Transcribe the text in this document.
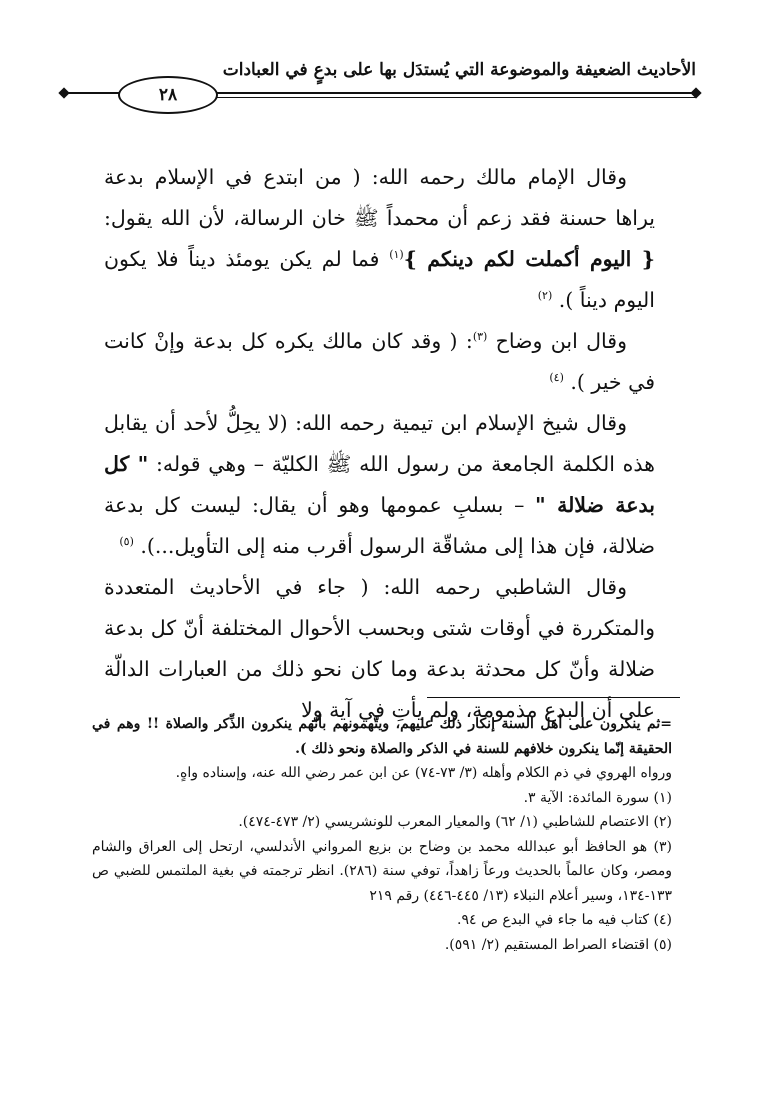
الأحاديث الضعيفة والموضوعة التي يُستدَل بها على بدعٍ في العبادات
٢٨

وقال الإمام مالك رحمه الله: ( من ابتدع في الإسلام بدعة يراها حسنة فقد زعم أن محمداً ﷺ خان الرسالة، لأن الله يقول: { اليوم أكملت لكم دينكم }$^{(١)}$ فما لم يكن يومئذ ديناً فلا يكون اليوم ديناً ). $^{(٢)}$

وقال ابن وضاح $^{(٣)}$: ( وقد كان مالك يكره كل بدعة وإنْ كانت في خير ). $^{(٤)}$

وقال شيخ الإسلام ابن تيمية رحمه الله: (لا يحِلُّ لأحد أن يقابل هذه الكلمة الجامعة من رسول الله ﷺ الكليّة – وهي قوله: " كل بدعة ضلالة " – بسلبِ عمومها وهو أن يقال: ليست كل بدعة ضلالة، فإن هذا إلى مشاقّة الرسول أقرب منه إلى التأويل...). $^{(٥)}$

وقال الشاطبي رحمه الله: ( جاء في الأحاديث المتعددة والمتكررة في أوقات شتى وبحسب الأحوال المختلفة أنّ كل بدعة ضلالة وأنّ كل محدثة بدعة وما كان نحو ذلك من العبارات الدالّة على أن البدع مذمومة، ولم يأتِ في آية ولا

=ثم ينكرون على أهل السنة إنكار ذلك عليهم، ويتّهمونهم بأنّهم ينكرون الذِّكر والصلاة !! وهم في الحقيقة إنّما ينكرون خلافهم للسنة في الذكر والصلاة ونحو ذلك ).

ورواه الهروي في ذم الكلام وأهله (٣/ ٧٣-٧٤) عن ابن عمر رضي الله عنه، وإسناده واهٍ.

(١) سورة المائدة: الآية ٣.

(٢) الاعتصام للشاطبي (١/ ٦٢) والمعيار المعرب للونشريسي (٢/ ٤٧٣-٤٧٤).

(٣) هو الحافظ أبو عبدالله محمد بن وضاح بن بزيع المرواني الأندلسي، ارتحل إلى العراق والشام ومصر، وكان عالماً بالحديث ورعاً زاهداً، توفي سنة (٢٨٦). انظر ترجمته في بغية الملتمس للضبي ص ١٣٣-١٣٤، وسير أعلام النبلاء (١٣/ ٤٤٥-٤٤٦) رقم ٢١٩

(٤) كتاب فيه ما جاء في البدع ص ٩٤.

(٥) اقتضاء الصراط المستقيم (٢/ ٥٩١).
